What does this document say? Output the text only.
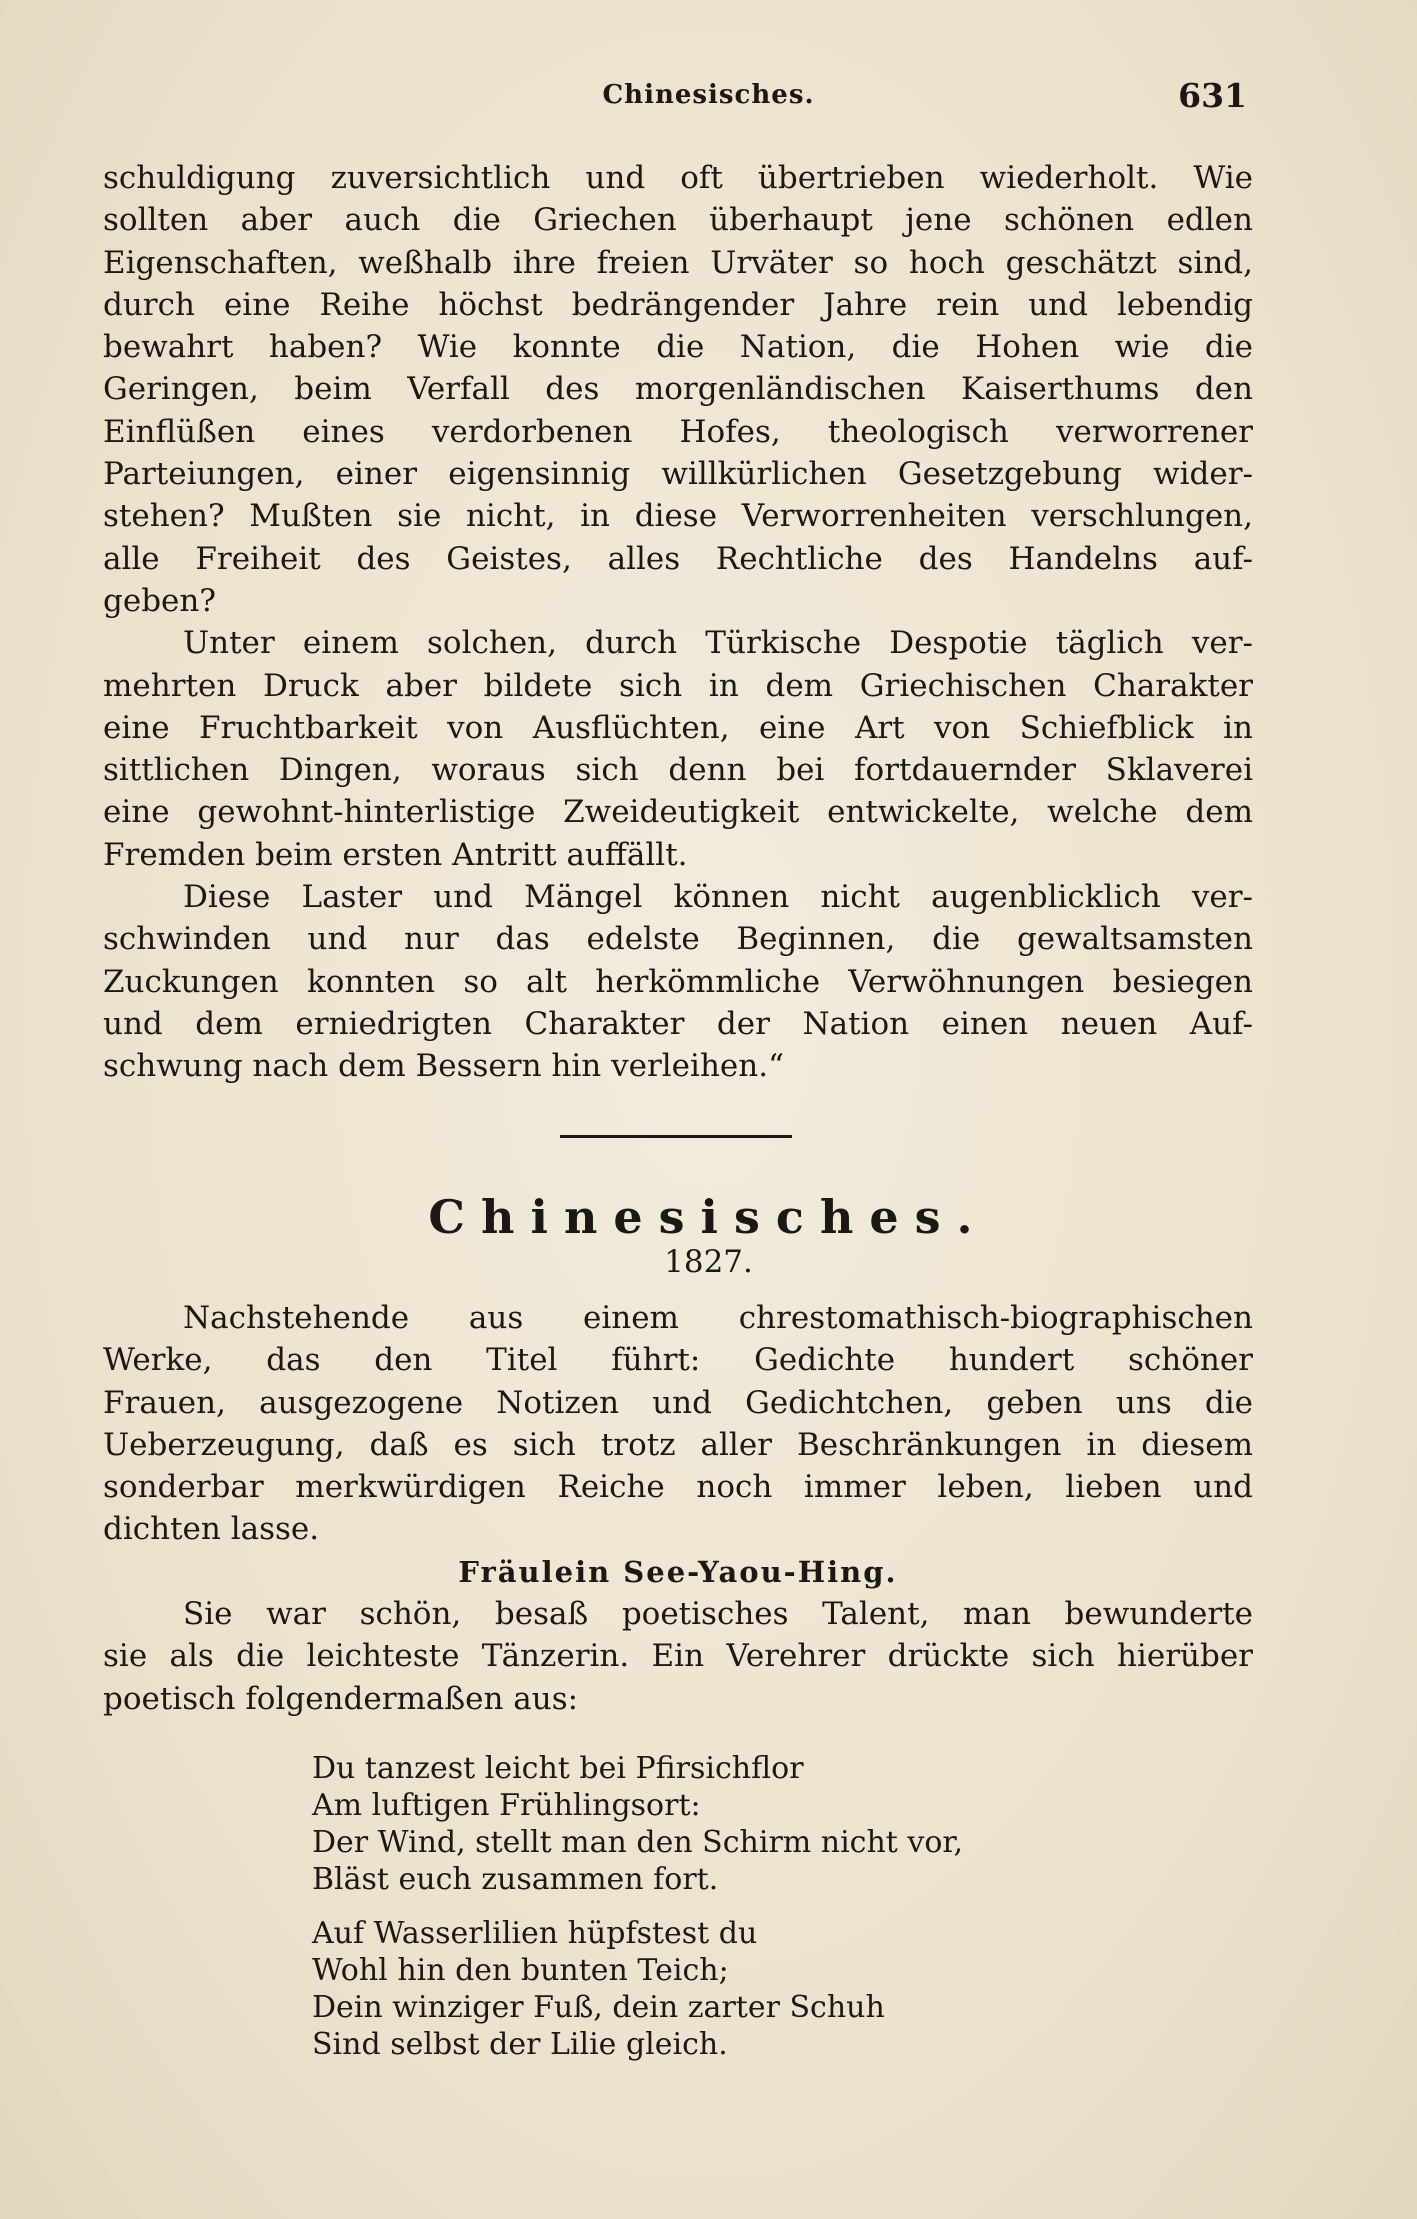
Chinesisches.	631
schuldigung zuversichtlich und oft übertrieben wiederholt. Wie
sollten aber auch die Griechen überhaupt jene schönen edlen
Eigenschaften, weßhalb ihre freien Urväter so hoch geschätzt sind,
durch eine Reihe höchst bedrängender Jahre rein und lebendig
bewahrt haben? Wie konnte die Nation, die Hohen wie die
Geringen, beim Verfall des morgenländischen Kaiserthums den
Einflüßen eines verdorbenen Hofes, theologisch verworrener
Parteiungen, einer eigensinnig willkürlichen Gesetzgebung wider-
stehen? Mußten sie nicht, in diese Verworrenheiten verschlungen,
alle Freiheit des Geistes, alles Rechtliche des Handelns auf-
geben?
Unter einem solchen, durch Türkische Despotie täglich ver-
mehrten Druck aber bildete sich in dem Griechischen Charakter
eine Fruchtbarkeit von Ausflüchten, eine Art von Schiefblick in
sittlichen Dingen, woraus sich denn bei fortdauernder Sklaverei
eine gewohnt-hinterlistige Zweideutigkeit entwickelte, welche dem
Fremden beim ersten Antritt auffällt.
Diese Laster und Mängel können nicht augenblicklich ver-
schwinden und nur das edelste Beginnen, die gewaltsamsten
Zuckungen konnten so alt herkömmliche Verwöhnungen besiegen
und dem erniedrigten Charakter der Nation einen neuen Auf-
schwung nach dem Bessern hin verleihen.“
Chinesisches.
1827.
Nachstehende aus einem chrestomathisch-biographischen
Werke, das den Titel führt: Gedichte hundert schöner
Frauen, ausgezogene Notizen und Gedichtchen, geben uns die
Ueberzeugung, daß es sich trotz aller Beschränkungen in diesem
sonderbar merkwürdigen Reiche noch immer leben, lieben und
dichten lasse.
Fräulein See-Yaou-Hing.
Sie war schön, besaß poetisches Talent, man bewunderte
sie als die leichteste Tänzerin. Ein Verehrer drückte sich hierüber
poetisch folgendermaßen aus:
Du tanzest leicht bei Pfirsichflor
Am luftigen Frühlingsort:
Der Wind, stellt man den Schirm nicht vor,
Bläst euch zusammen fort.
Auf Wasserlilien hüpfstest du
Wohl hin den bunten Teich;
Dein winziger Fuß, dein zarter Schuh
Sind selbst der Lilie gleich.
